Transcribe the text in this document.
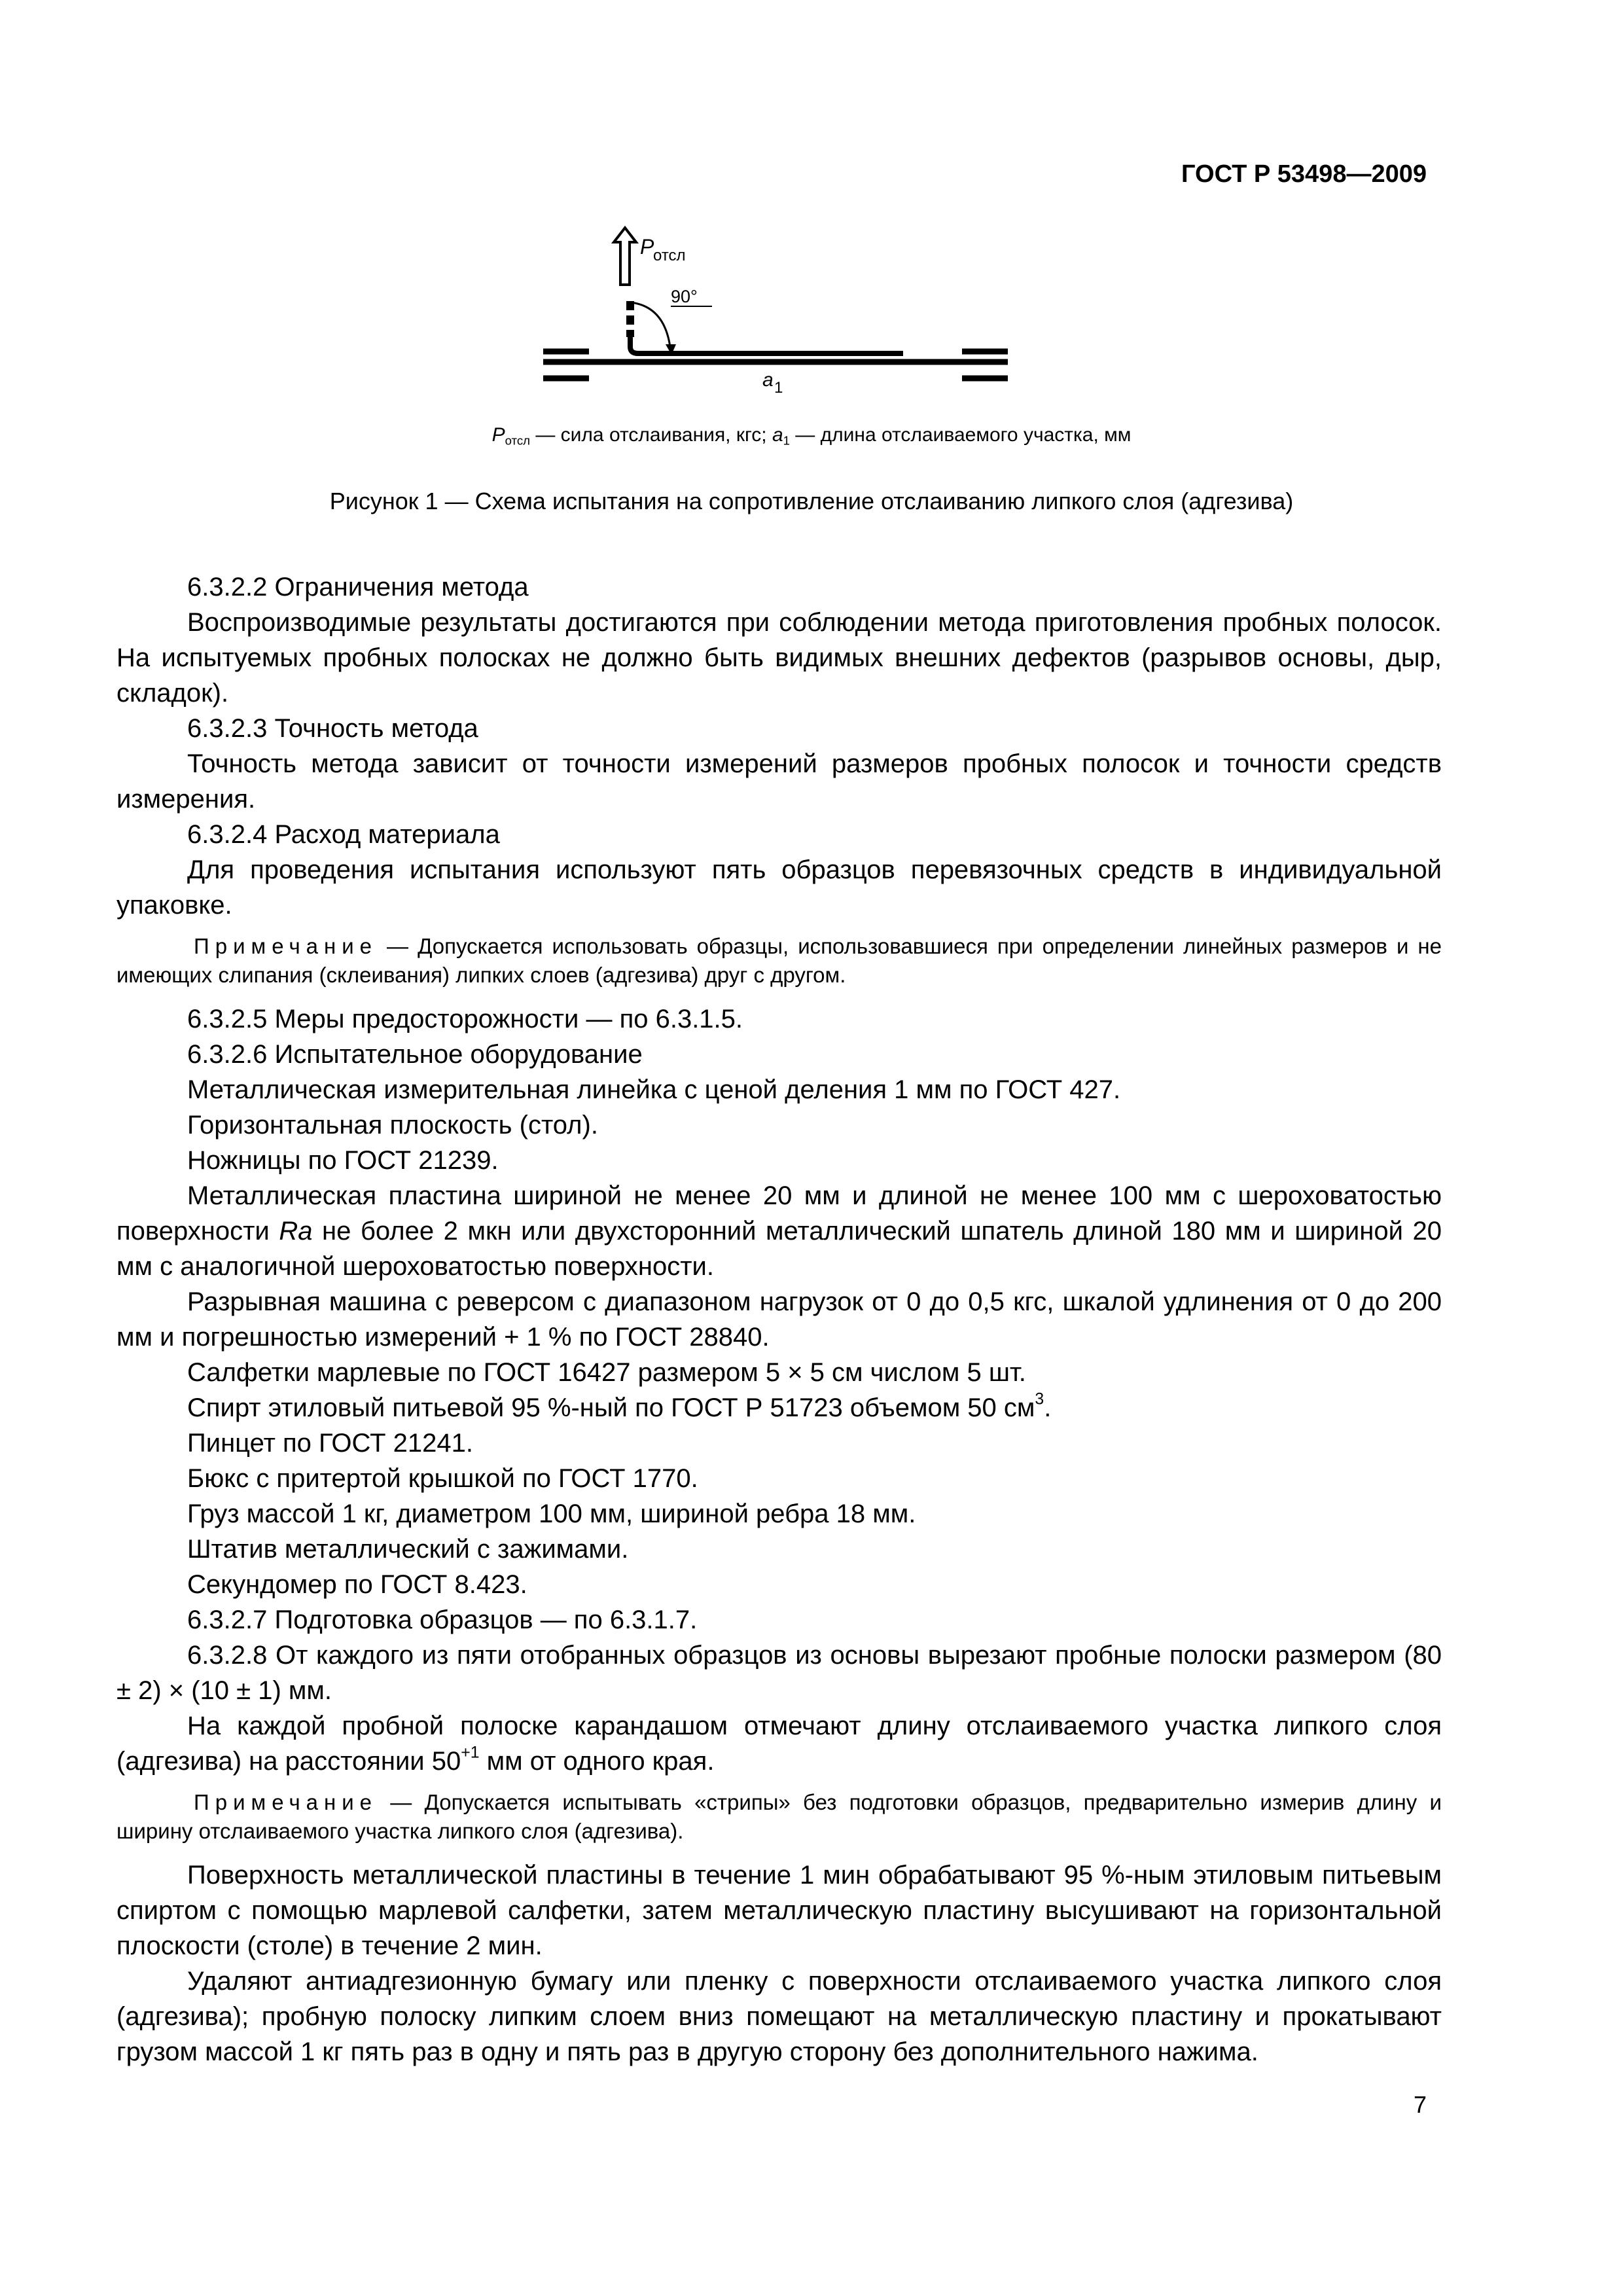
ГОСТ Р 53498—2009
P
отсл
90°
a 1
$P_{отсл}$ — сила отслаивания, кгс; $a_1$ — длина отслаиваемого участка, мм
Рисунок 1 — Схема испытания на сопротивление отслаиванию липкого слоя (адгезива)

6.3.2.2 Ограничения метода

Воспроизводимые результаты достигаются при соблюдении метода приготовления пробных полосок. На испытуемых пробных полосках не должно быть видимых внешних дефектов (разрывов основы, дыр, складок).

6.3.2.3 Точность метода

Точность метода зависит от точности измерений размеров пробных полосок и точности средств измерения.

6.3.2.4 Расход материала

Для проведения испытания используют пять образцов перевязочных средств в индивидуальной упаковке.

Примечание — Допускается использовать образцы, использовавшиеся при определении линейных размеров и не имеющих слипания (склеивания) липких слоев (адгезива) друг с другом.

6.3.2.5 Меры предосторожности — по 6.3.1.5.

6.3.2.6 Испытательное оборудование

Металлическая измерительная линейка с ценой деления 1 мм по ГОСТ 427.

Горизонтальная плоскость (стол).

Ножницы по ГОСТ 21239.

Металлическая пластина шириной не менее 20 мм и длиной не менее 100 мм с шероховатостью поверхности Ra не более 2 мкн или двухсторонний металлический шпатель длиной 180 мм и шириной 20 мм с аналогичной шероховатостью поверхности.

Разрывная машина с реверсом с диапазоном нагрузок от 0 до 0,5 кгс, шкалой удлинения от 0 до 200 мм и погрешностью измерений + 1 % по ГОСТ 28840.

Салфетки марлевые по ГОСТ 16427 размером 5 × 5 см числом 5 шт.

Спирт этиловый питьевой 95 %-ный по ГОСТ Р 51723 объемом 50 $см^3$.

Пинцет по ГОСТ 21241.

Бюкс с притертой крышкой по ГОСТ 1770.

Груз массой 1 кг, диаметром 100 мм, шириной ребра 18 мм.

Штатив металлический с зажимами.

Секундомер по ГОСТ 8.423.

6.3.2.7 Подготовка образцов — по 6.3.1.7.

6.3.2.8 От каждого из пяти отобранных образцов из основы вырезают пробные полоски размером (80 ± 2) × (10 ± 1) мм.

На каждой пробной полоске карандашом отмечают длину отслаиваемого участка липкого слоя (адгезива) на расстоянии $50^{+1}$ мм от одного края.

Примечание — Допускается испытывать «стрипы» без подготовки образцов, предварительно измерив длину и ширину отслаиваемого участка липкого слоя (адгезива).

Поверхность металлической пластины в течение 1 мин обрабатывают 95 %-ным этиловым питьевым спиртом с помощью марлевой салфетки, затем металлическую пластину высушивают на горизонтальной плоскости (столе) в течение 2 мин.

Удаляют антиадгезионную бумагу или пленку с поверхности отслаиваемого участка липкого слоя (адгезива); пробную полоску липким слоем вниз помещают на металлическую пластину и прокатывают грузом массой 1 кг пять раз в одну и пять раз в другую сторону без дополнительного нажима.

7
